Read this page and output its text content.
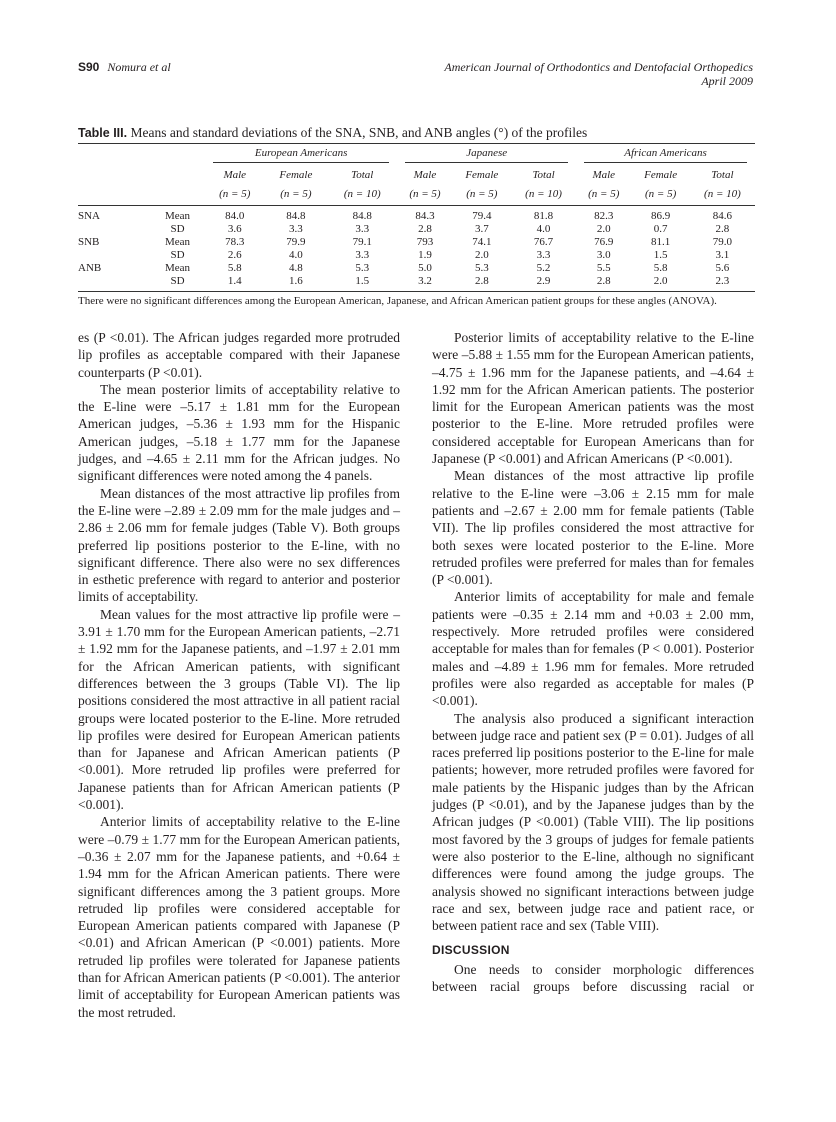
S90 Nomura et al	American Journal of Orthodontics and Dentofacial Orthopedics
April 2009
Table III. Means and standard deviations of the SNA, SNB, and ANB angles (°) of the profiles

		European Americans			Japanese			African Americans		

		Male	Female	Total	Male	Female	Total	Male	Female	Total
		(n = 5)	(n = 5)	(n = 10)	(n = 5)	(n = 5)	(n = 10)	(n = 5)	(n = 5)	(n = 10)
SNA	Mean	84.0	84.8	84.8	84.3	79.4	81.8	82.3	86.9	84.6
	SD	3.6	3.3	3.3	2.8	3.7	4.0	2.0	0.7	2.8
SNB	Mean	78.3	79.9	79.1	793	74.1	76.7	76.9	81.1	79.0
	SD	2.6	4.0	3.3	1.9	2.0	3.3	3.0	1.5	3.1
ANB	Mean	5.8	4.8	5.3	5.0	5.3	5.2	5.5	5.8	5.6
	SD	1.4	1.6	1.5	3.2	2.8	2.9	2.8	2.0	2.3
There were no significant differences among the European American, Japanese, and African American patient groups for these angles (ANOVA).

es (P <0.01). The African judges regarded more protruded lip profiles as acceptable compared with their Japanese counterparts (P <0.01).

The mean posterior limits of acceptability relative to the E-line were –5.17 ± 1.81 mm for the European American judges, –5.36 ± 1.93 mm for the Hispanic American judges, –5.18 ± 1.77 mm for the Japanese judges, and –4.65 ± 2.11 mm for the African judges. No significant differences were noted among the 4 panels.

Mean distances of the most attractive lip profiles from the E-line were –2.89 ± 2.09 mm for the male judges and –2.86 ± 2.06 mm for female judges (Table V). Both groups preferred lip positions posterior to the E-line, with no significant difference. There also were no sex differences in esthetic preference with regard to anterior and posterior limits of acceptability.

Mean values for the most attractive lip profile were –3.91 ± 1.70 mm for the European American patients, –2.71 ± 1.92 mm for the Japanese patients, and –1.97 ± 2.01 mm for the African American patients, with significant differences between the 3 groups (Table VI). The lip positions considered the most attractive in all patient racial groups were located posterior to the E-line. More retruded lip profiles were desired for European American patients than for Japanese and African American patients (P <0.001). More retruded lip profiles were preferred for Japanese patients than for African American patients (P <0.001).

Anterior limits of acceptability relative to the E-line were –0.79 ± 1.77 mm for the European American patients, –0.36 ± 2.07 mm for the Japanese patients, and +0.64 ± 1.94 mm for the African American patients. There were significant differences among the 3 patient groups. More retruded lip profiles were considered acceptable for European American patients compared with Japanese (P <0.01) and African American (P <0.001) patients. More retruded lip profiles were tolerated for Japanese patients than for African American patients (P <0.001). The anterior limit of acceptability for European American patients was the most retruded.

Posterior limits of acceptability relative to the E-line were –5.88 ± 1.55 mm for the European American patients, –4.75 ± 1.96 mm for the Japanese patients, and –4.64 ± 1.92 mm for the African American patients. The posterior limit for the European American patients was the most posterior to the E-line. More retruded profiles were considered acceptable for European Americans than for Japanese (P <0.001) and African Americans (P <0.001).

Mean distances of the most attractive lip profile relative to the E-line were –3.06 ± 2.15 mm for male patients and –2.67 ± 2.00 mm for female patients (Table VII). The lip profiles considered the most attractive for both sexes were located posterior to the E-line. More retruded profiles were preferred for males than for females (P <0.001).

Anterior limits of acceptability for male and female patients were –0.35 ± 2.14 mm and +0.03 ± 2.00 mm, respectively. More retruded profiles were considered acceptable for males than for females (P < 0.001). Posterior males and –4.89 ± 1.96 mm for females. More retruded profiles were also regarded as acceptable for males (P <0.001).

The analysis also produced a significant interaction between judge race and patient sex (P = 0.01). Judges of all races preferred lip positions posterior to the E-line for male patients; however, more retruded profiles were favored for male patients by the Hispanic judges than by the African judges (P <0.01), and by the Japanese judges than by the African judges (P <0.001) (Table VIII). The lip positions most favored by the 3 groups of judges for female patients were also posterior to the E-line, although no significant differences were found among the judge groups. The analysis showed no significant interactions between judge race and sex, between judge race and patient race, or between patient race and sex (Table VIII).

DISCUSSION

One needs to consider morphologic differences between racial groups before discussing racial or
